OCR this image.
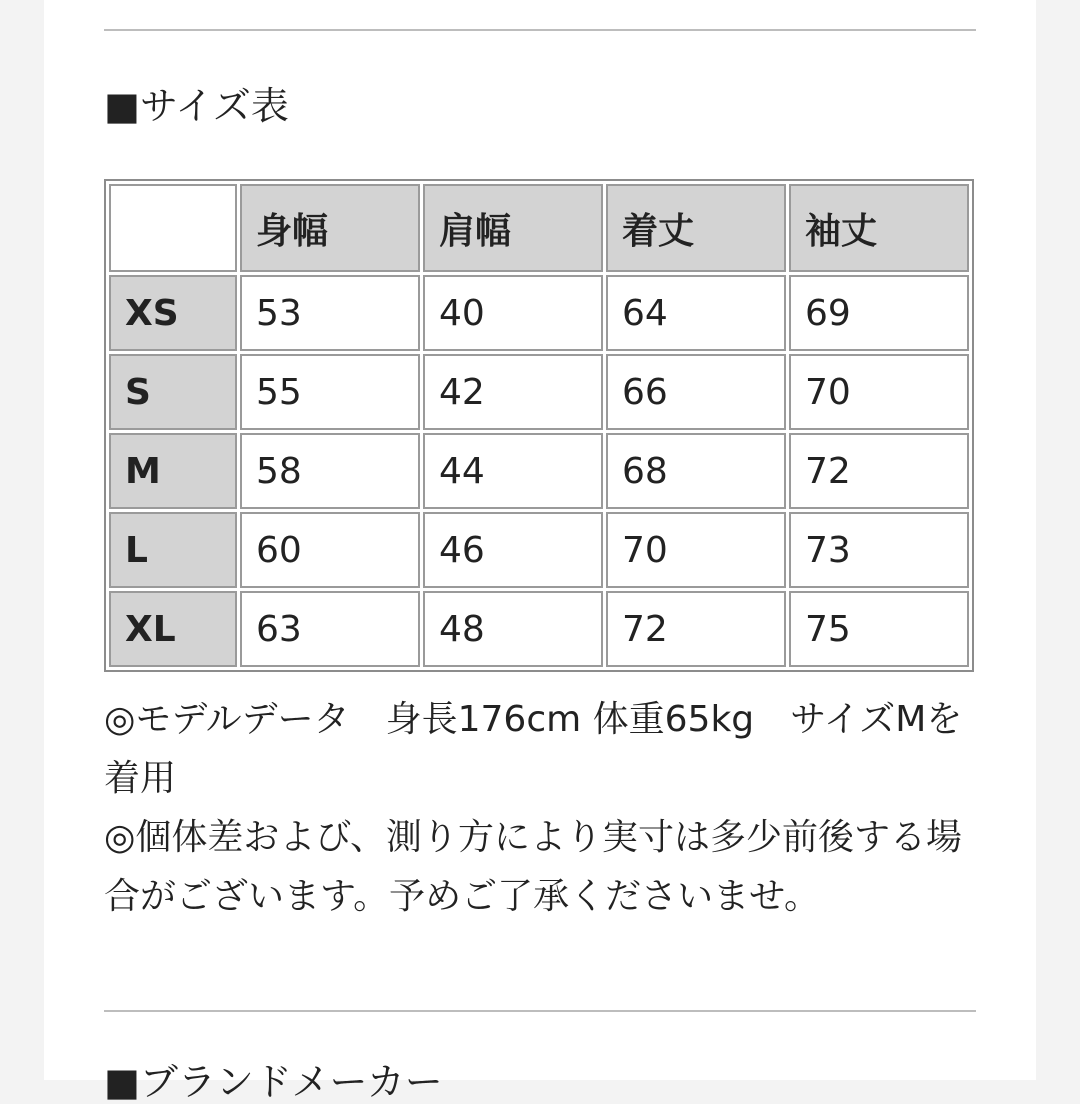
■サイズ表
	身幅	肩幅	着丈	袖丈
XS	53	40	64	69
S	55	42	66	70
M	58	44	68	72
L	60	46	70	73
XL	63	48	72	75

◎モデルデータ　身長176cm 体重65kg　サイズMを着用

◎個体差および、測り方により実寸は多少前後する場合がございます。予めご了承くださいませ。

■ブランドメーカー
